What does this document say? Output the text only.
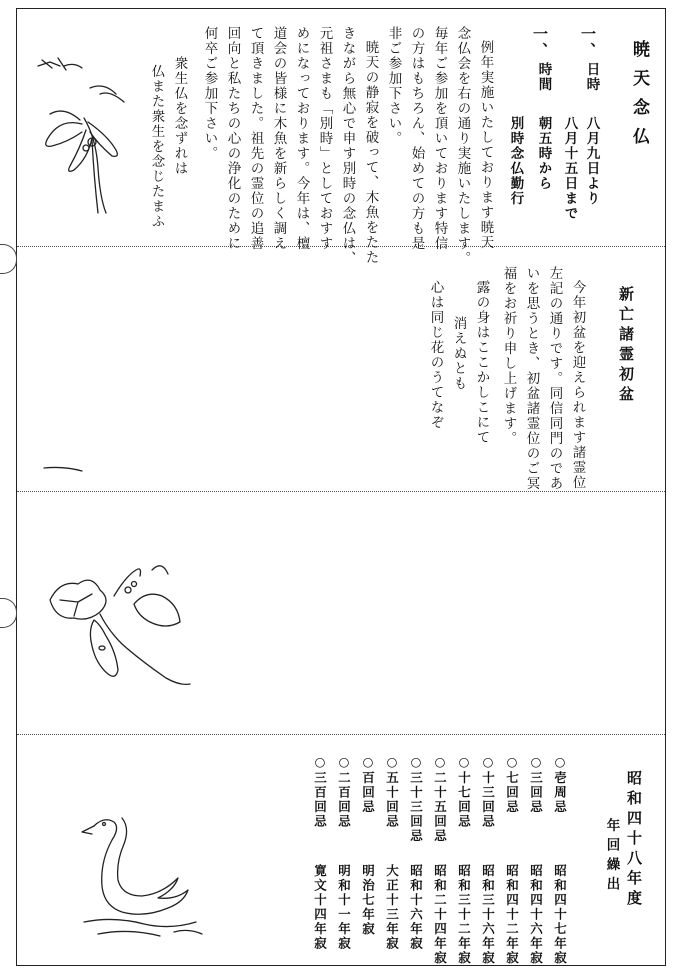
暁天念仏
一、
日時
八月九日より
八月十五日まで
一、
時間
朝五時から
別時念仏勤行
例年実施いたしております暁天
念仏会を右の通り実施いたします。
毎年ご参加を頂いております特信
の方はもちろん、始めての方も是
非ご参加下さい。
暁天の静寂を破って、木魚をたた
きながら無心で申す別時の念仏は、
元祖さまも「別時」としておすす
めになっております。今年は、檀
道会の皆様に木魚を新らしく調え
て頂きました。祖先の霊位の追善
回向と私たちの心の浄化のために
何卒ご参加下さい。
衆生仏を念ずれは
仏また衆生を念じたまふ
新亡諸霊初盆
今年初盆を迎えられます諸霊位
左記の通りです。同信同門のであ
いを思うとき、初盆諸霊位のご冥
福をお祈り申し上げます。
露の身はここかしこにて
消えぬとも
心は同じ花のうてなぞ
昭和四十八年度
年回繰出
○壱周忌
昭和四十七年寂
○三回忌
昭和四十六年寂
○七回忌
昭和四十二年寂
○十三回忌
昭和三十六年寂
○十七回忌
昭和三十二年寂
○二十五回忌
昭和二十四年寂
○三十三回忌
昭和十六年寂
○五十回忌
大正十三年寂
○百回忌
明治七年寂
○二百回忌
明和十一年寂
○三百回忌
寛文十四年寂
